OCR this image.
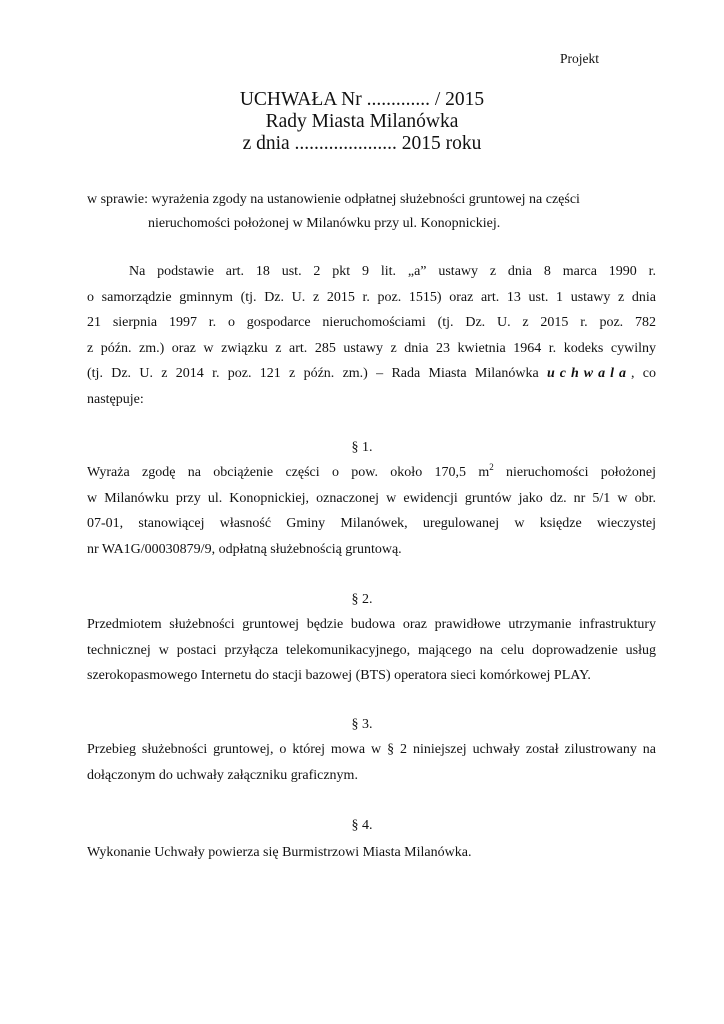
Projekt
UCHWAŁA Nr ............. / 2015
Rady Miasta Milanówka
z dnia ..................... 2015 roku
w sprawie: wyrażenia zgody na ustanowienie odpłatnej służebności gruntowej na części
nieruchomości położonej w Milanówku przy ul. Konopnickiej.
Na podstawie art. 18 ust. 2 pkt 9 lit. „a” ustawy z dnia 8 marca 1990 r.
o samorządzie gminnym (tj. Dz. U. z 2015 r. poz. 1515) oraz art. 13 ust. 1 ustawy z dnia
21 sierpnia 1997 r. o gospodarce nieruchomościami (tj. Dz. U. z 2015 r. poz. 782
z późn. zm.) oraz w związku z art. 285 ustawy z dnia 23 kwietnia 1964 r. kodeks cywilny
(tj. Dz. U. z 2014 r. poz. 121 z późn. zm.) – Rada Miasta Milanówka uchwala, co
następuje:
§ 1.
Wyraża zgodę na obciążenie części o pow. około 170,5 $m^2$ nieruchomości położonej
w Milanówku przy ul. Konopnickiej, oznaczonej w ewidencji gruntów jako dz. nr 5/1 w obr.
07-01, stanowiącej własność Gminy Milanówek, uregulowanej w księdze wieczystej
nr WA1G/00030879/9, odpłatną służebnością gruntową.
§ 2.
Przedmiotem służebności gruntowej będzie budowa oraz prawidłowe utrzymanie infrastruktury
technicznej w postaci przyłącza telekomunikacyjnego, mającego na celu doprowadzenie usług
szerokopasmowego Internetu do stacji bazowej (BTS) operatora sieci komórkowej PLAY.
§ 3.
Przebieg służebności gruntowej, o której mowa w § 2 niniejszej uchwały został zilustrowany na
dołączonym do uchwały załączniku graficznym.
§ 4.
Wykonanie Uchwały powierza się Burmistrzowi Miasta Milanówka.
